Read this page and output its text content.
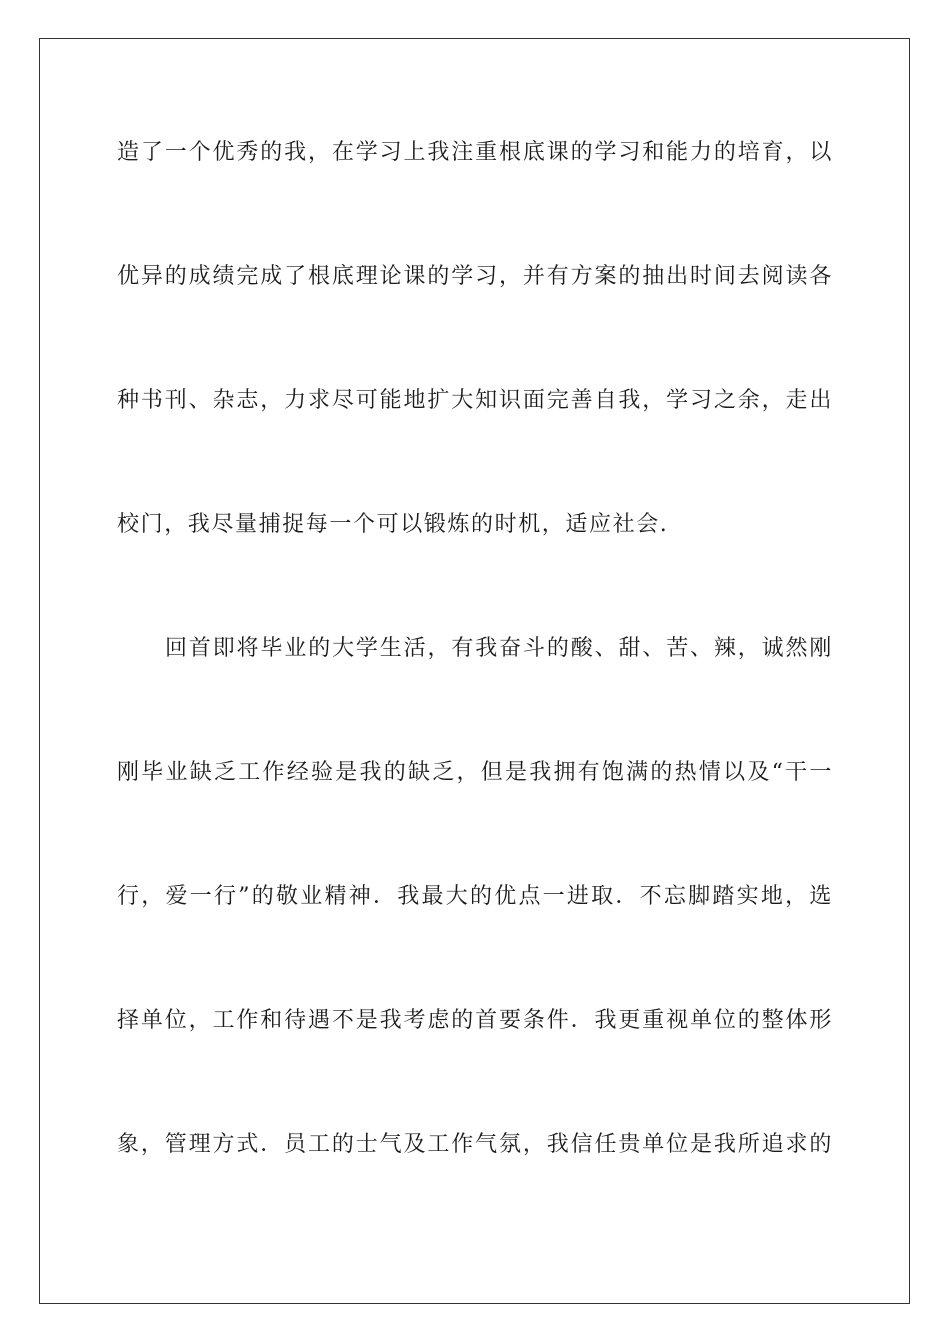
造了一个优秀的我，在学习上我注重根底课的学习和能力的培育，以
优异的成绩完成了根底理论课的学习，并有方案的抽出时间去阅读各
种书刊、杂志，力求尽可能地扩大知识面完善自我，学习之余，走出
校门，我尽量捕捉每一个可以锻炼的时机，适应社会.
回首即将毕业的大学生活，有我奋斗的酸、甜、苦、辣，诚然刚
刚毕业缺乏工作经验是我的缺乏，但是我拥有饱满的热情以及“干一
行，爱一行”的敬业精神．我最大的优点一进取．不忘脚踏实地，选
择单位，工作和待遇不是我考虑的首要条件．我更重视单位的整体形
象，管理方式．员工的士气及工作气氛，我信任贵单位是我所追求的
